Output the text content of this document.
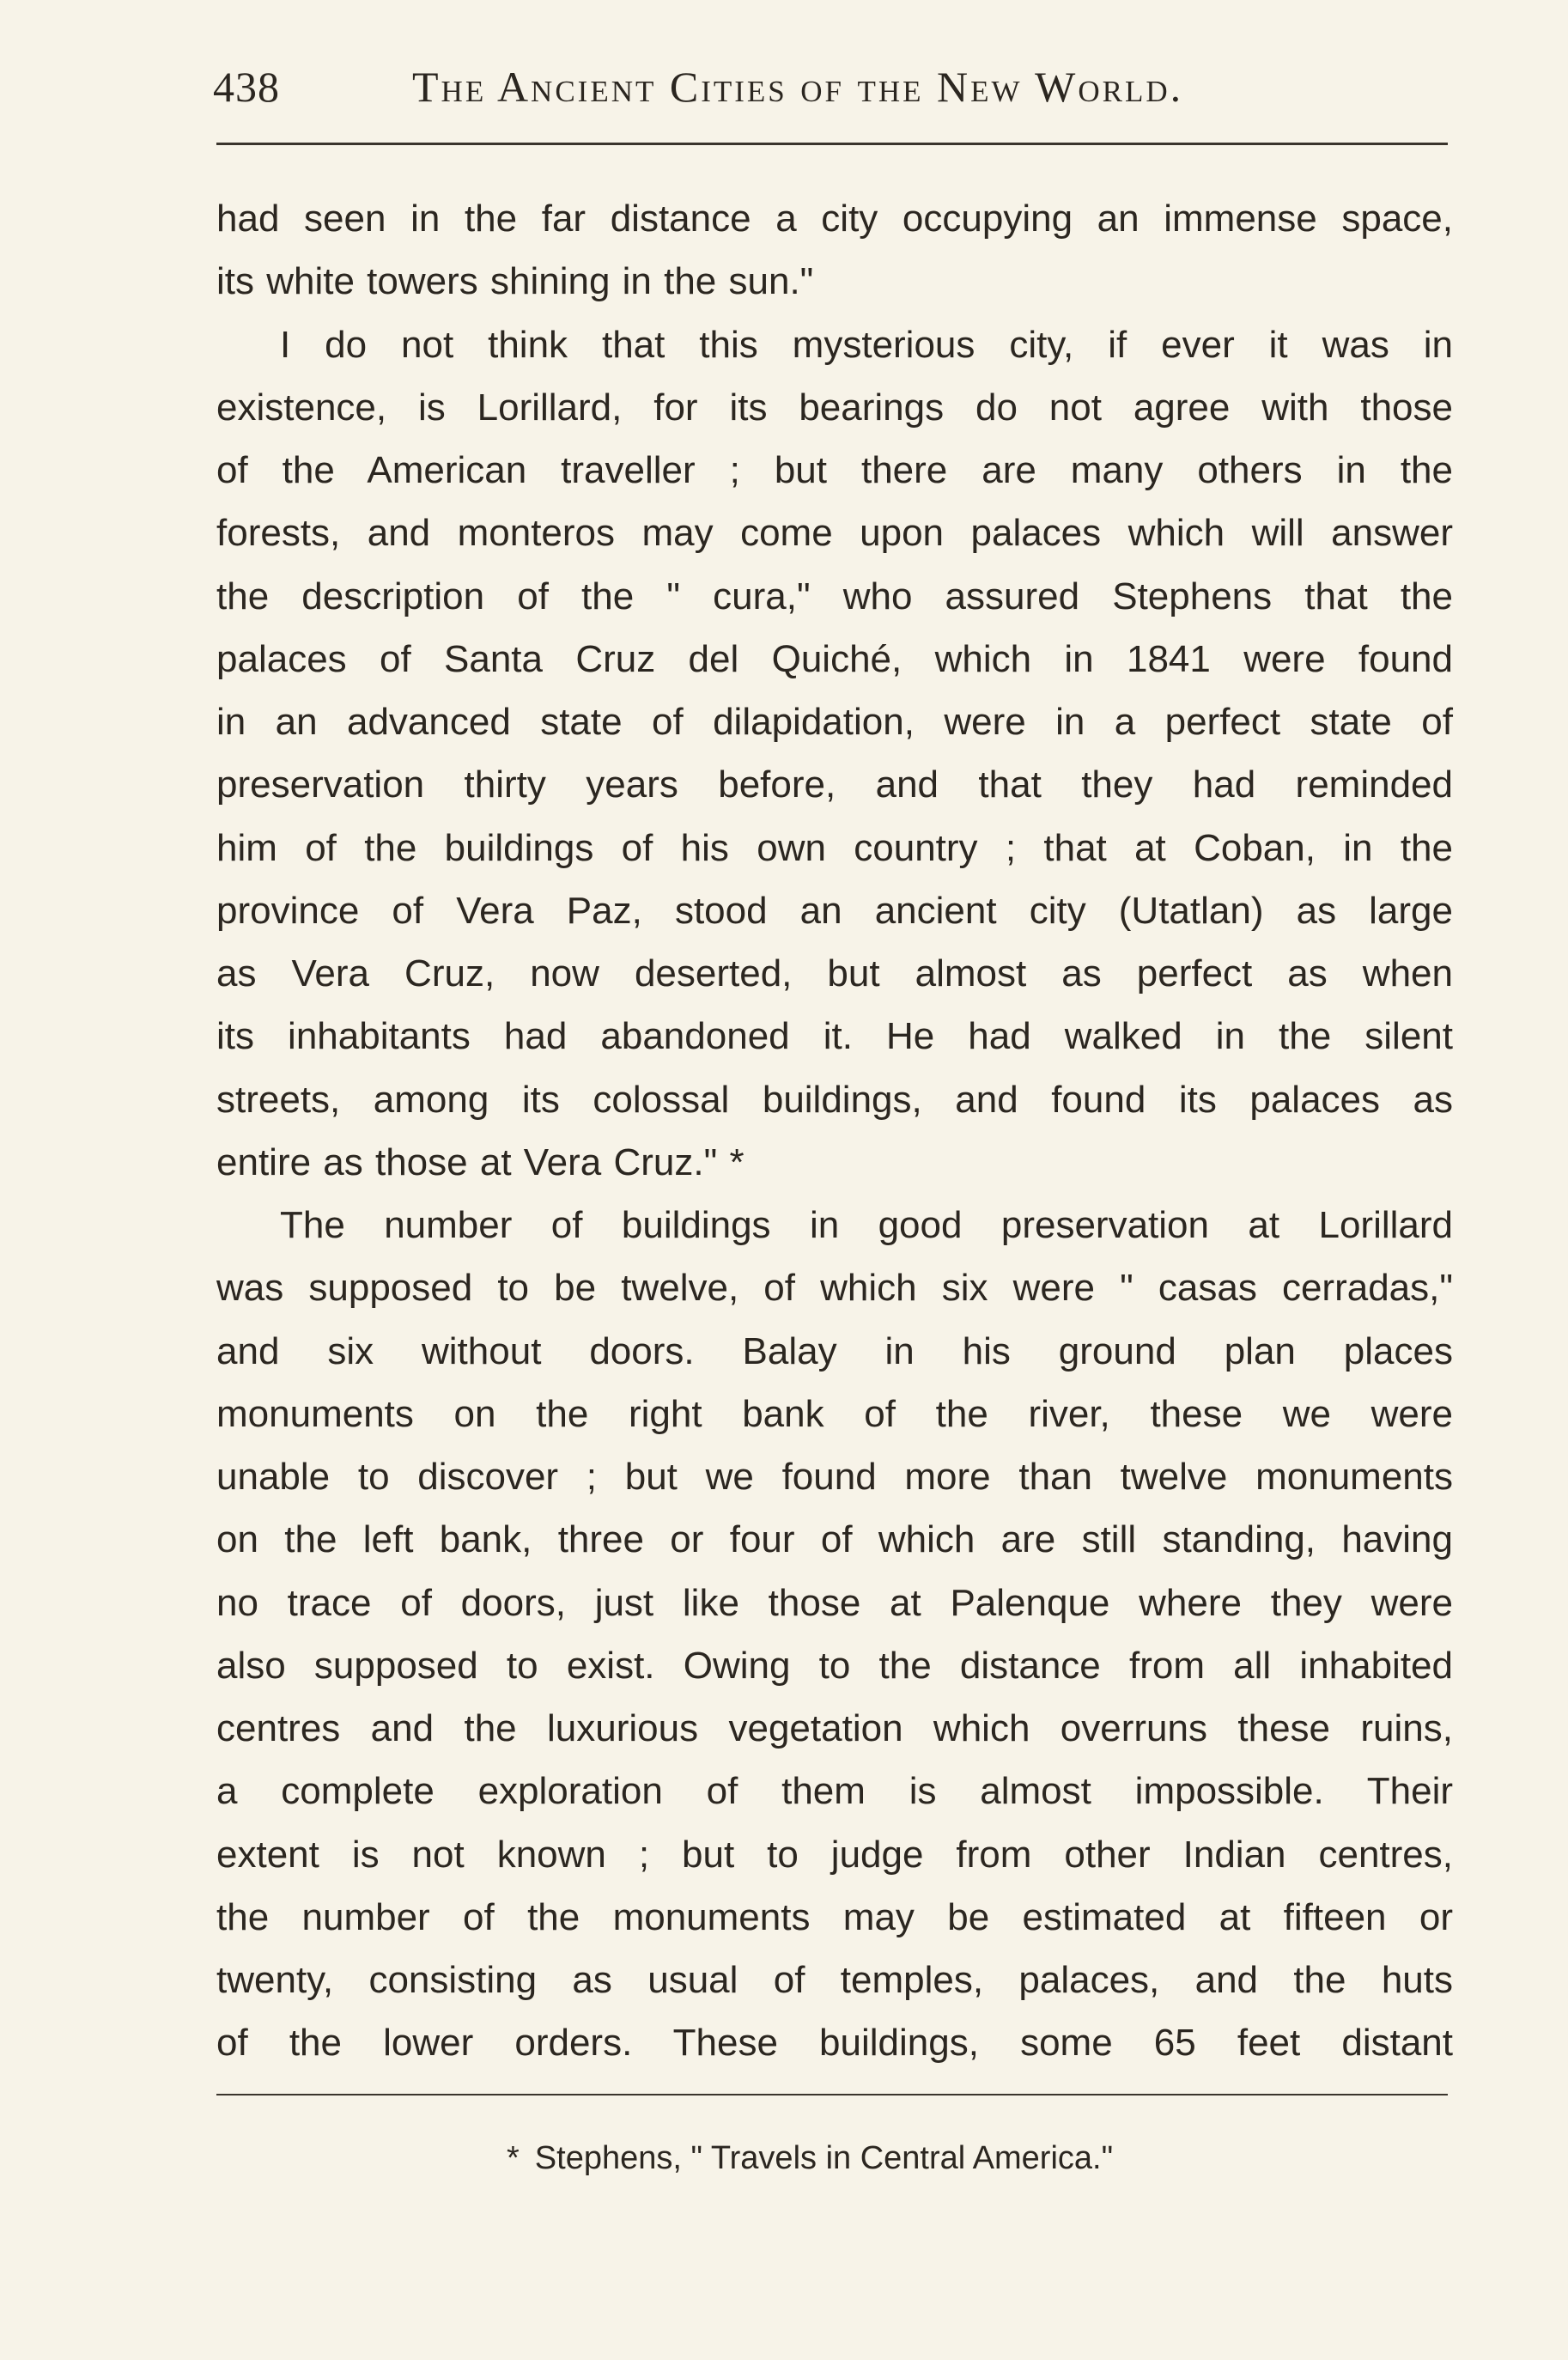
438	The Ancient Cities of the New World.
had seen in the far distance a city occupying an immense space,
its white towers shining in the sun."
I do not think that this mysterious city, if ever it was in
existence, is Lorillard, for its bearings do not agree with those
of the American traveller ; but there are many others in the
forests, and monteros may come upon palaces which will answer
the description of the " cura," who assured Stephens that the
palaces of Santa Cruz del Quiché, which in 1841 were found
in an advanced state of dilapidation, were in a perfect state of
preservation thirty years before, and that they had reminded
him of the buildings of his own country ; that at Coban, in the
province of Vera Paz, stood an ancient city (Utatlan) as large
as Vera Cruz, now deserted, but almost as perfect as when
its inhabitants had abandoned it. He had walked in the silent
streets, among its colossal buildings, and found its palaces as
entire as those at Vera Cruz." *
The number of buildings in good preservation at Lorillard
was supposed to be twelve, of which six were " casas cerradas,"
and six without doors. Balay in his ground plan places
monuments on the right bank of the river, these we were
unable to discover ; but we found more than twelve monuments
on the left bank, three or four of which are still standing, having
no trace of doors, just like those at Palenque where they were
also supposed to exist. Owing to the distance from all inhabited
centres and the luxurious vegetation which overruns these ruins,
a complete exploration of them is almost impossible. Their
extent is not known ; but to judge from other Indian centres,
the number of the monuments may be estimated at fifteen or
twenty, consisting as usual of temples, palaces, and the huts
of the lower orders. These buildings, some 65 feet distant
* Stephens, " Travels in Central America."
